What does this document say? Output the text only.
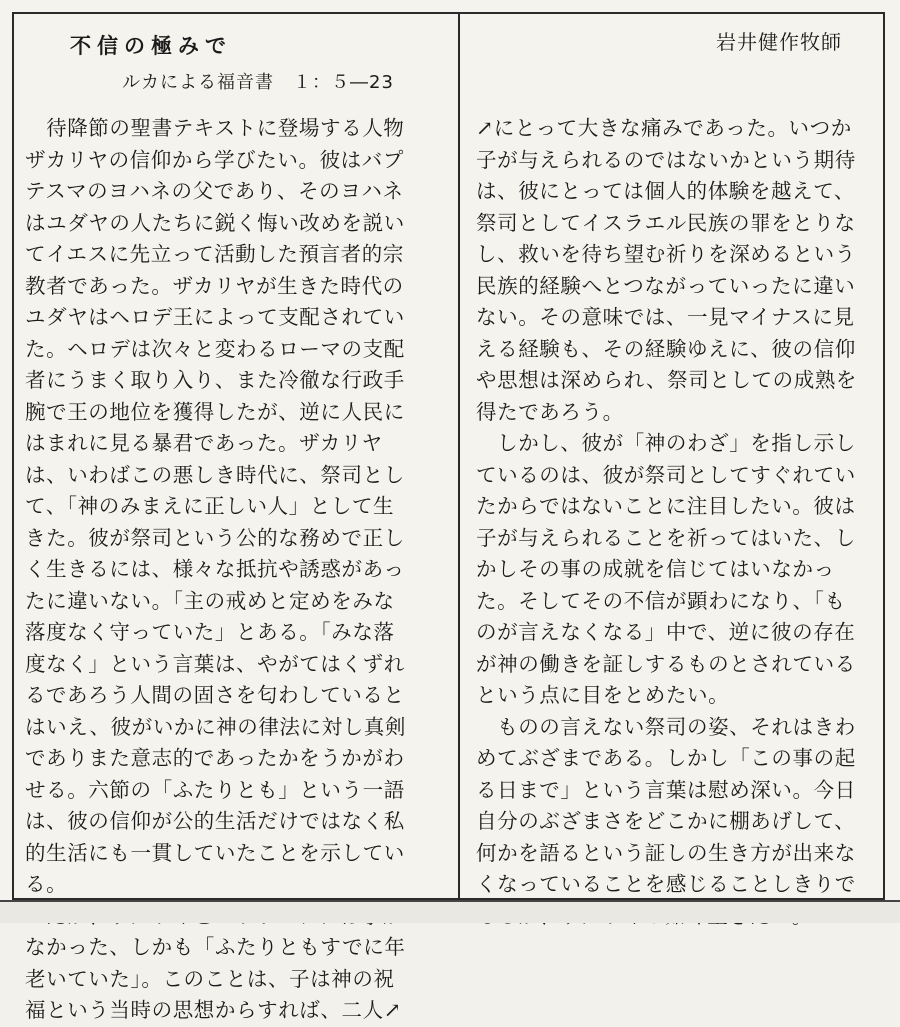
不信の極みで
ルカによる福音書　１：５―23
岩井健作牧師
　待降節の聖書テキストに登場する人物
ザカリヤの信仰から学びたい。彼はバプ
テスマのヨハネの父であり、そのヨハネ
はユダヤの人たちに鋭く悔い改めを説い
てイエスに先立って活動した預言者的宗
教者であった。ザカリヤが生きた時代の
ユダヤはヘロデ王によって支配されてい
た。ヘロデは次々と変わるローマの支配
者にうまく取り入り、また冷徹な行政手
腕で王の地位を獲得したが、逆に人民に
はまれに見る暴君であった。ザカリヤ
は、いわばこの悪しき時代に、祭司とし
て、「神のみまえに正しい人」として生
きた。彼が祭司という公的な務めで正し
く生きるには、様々な抵抗や誘惑があっ
たに違いない。「主の戒めと定めをみな
落度なく守っていた」とある。「みな落
度なく」という言葉は、やがてはくずれ
るであろう人間の固さを匂わしていると
はいえ、彼がいかに神の律法に対し真剣
でありまた意志的であったかをうかがわ
せる。六節の「ふたりとも」という一語
は、彼の信仰が公的生活だけではなく私
的生活にも一貫していたことを示してい
る。
なかった、しかも「ふたりともすでに年
老いていた」。このことは、子は神の祝
福という当時の思想からすれば、二人↗
↗にとって大きな痛みであった。いつか
子が与えられるのではないかという期待
は、彼にとっては個人的体験を越えて、
祭司としてイスラエル民族の罪をとりな
し、救いを待ち望む祈りを深めるという
民族的経験へとつながっていったに違い
ない。その意味では、一見マイナスに見
える経験も、その経験ゆえに、彼の信仰
や思想は深められ、祭司としての成熟を
得たであろう。
　しかし、彼が「神のわざ」を指し示し
ているのは、彼が祭司としてすぐれてい
たからではないことに注目したい。彼は
子が与えられることを祈ってはいた、し
かしその事の成就を信じてはいなかっ
た。そしてその不信が顕わになり、「も
のが言えなくなる」中で、逆に彼の存在
が神の働きを証しするものとされている
という点に目をとめたい。
　ものの言えない祭司の姿、それはきわ
めてぶざまである。しかし「この事の起
る日まで」という言葉は慰め深い。今日
自分のぶざまさをどこかに棚あげして、
何かを語るという証しの生き方が出来な
くなっていることを感じることしきりで
